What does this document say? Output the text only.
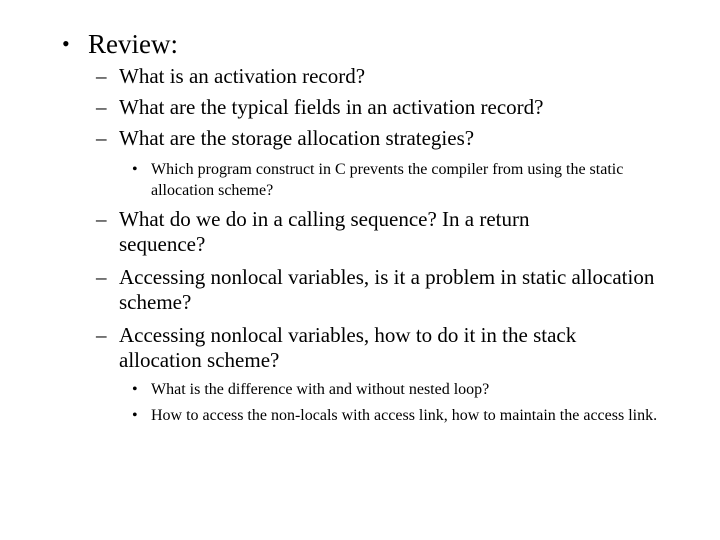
• Review:
– What is an activation record?
– What are the typical fields in an activation record?
– What are the storage allocation strategies?
• Which program construct in C prevents the compiler from using the static allocation scheme?
– What do we do in a calling sequence? In a return sequence?
– Accessing nonlocal variables, is it a problem in static allocation scheme?
– Accessing nonlocal variables, how to do it in the stack allocation scheme?
• What is the difference with and without nested loop?
• How to access the non-locals with access link, how to maintain the access link.
